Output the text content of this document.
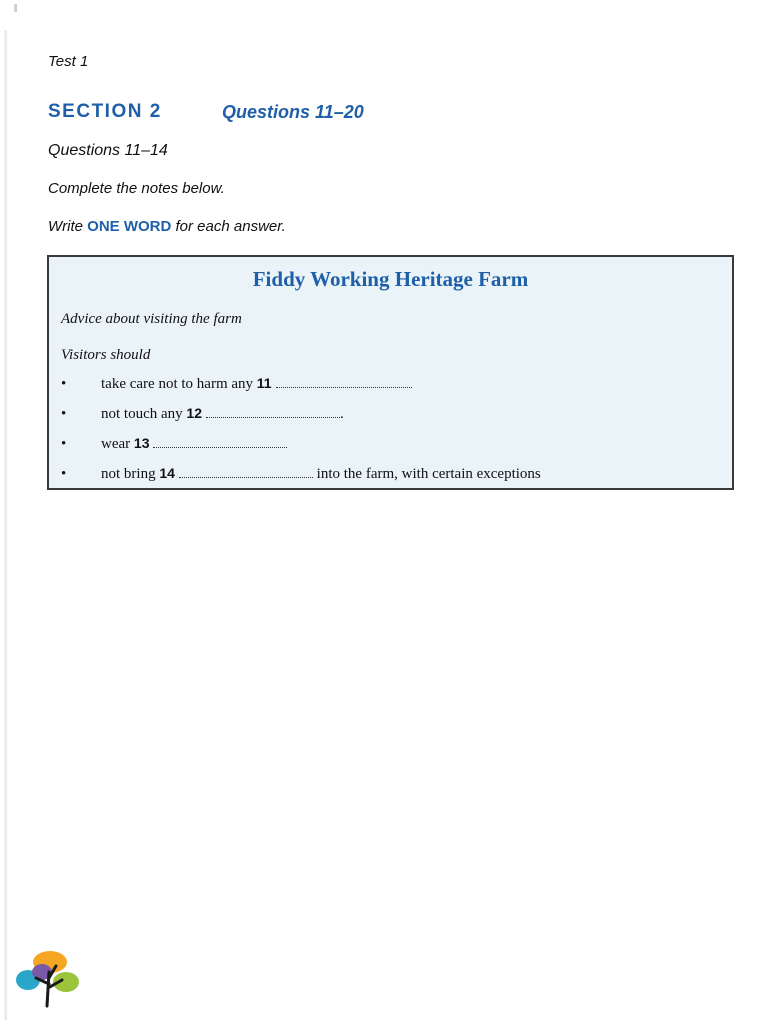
Test 1
SECTION 2	Questions 11–20
Questions 11–14
Complete the notes below.
Write ONE WORD for each answer.
Fiddy Working Heritage Farm
Advice about visiting the farm
Visitors should
• take care not to harm any 11
• not touch any 12	.
• wear 13
• not bring 14	into the farm, with certain exceptions
